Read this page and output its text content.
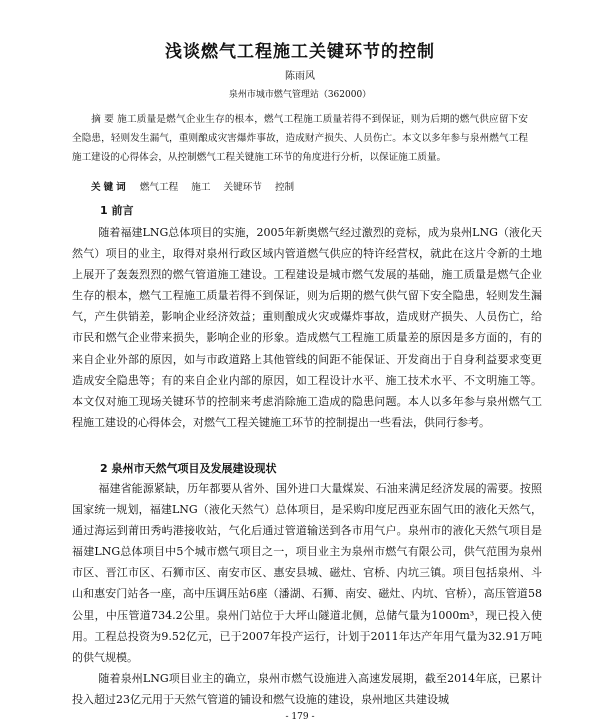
浅谈燃气工程施工关键环节的控制
陈雨风
泉州市城市燃气管理站（362000）

摘 要 施工质量是燃气企业生存的根本，燃气工程施工质量若得不到保证，则为后期的燃气供应留下安全隐患，轻则发生漏气，重则酿成灾害爆炸事故，造成财产损失、人员伤亡。本文以多年参与泉州燃气工程施工建设的心得体会，从控制燃气工程关键施工环节的角度进行分析，以保证施工质量。

关键词 燃气工程 施工 关键环节 控制
1 前言

随着福建LNG总体项目的实施，2005年新奥燃气经过激烈的竞标，成为泉州LNG（液化天然气）项目的业主，取得对泉州行政区域内管道燃气供应的特许经营权，就此在这片令新的土地上展开了轰轰烈烈的燃气管道施工建设。工程建设是城市燃气发展的基础，施工质量是燃气企业生存的根本，燃气工程施工质量若得不到保证，则为后期的燃气供气留下安全隐患，轻则发生漏气，产生供销差，影响企业经济效益；重则酿成火灾或爆炸事故，造成财产损失、人员伤亡，给市民和燃气企业带来损失，影响企业的形象。造成燃气工程施工质量差的原因是多方面的，有的来自企业外部的原因，如与市政道路上其他管线的间距不能保证、开发商出于自身利益要求变更造成安全隐患等；有的来自企业内部的原因，如工程设计水平、施工技术水平、不文明施工等。本文仅对施工现场关键环节的控制来考虑消除施工造成的隐患问题。本人以多年参与泉州燃气工程施工建设的心得体会，对燃气工程关键施工环节的控制提出一些看法，供同行参考。

2 泉州市天然气项目及发展建设现状

福建省能源紧缺，历年都要从省外、国外进口大量煤炭、石油来满足经济发展的需要。按照国家统一规划，福建LNG（液化天然气）总体项目，是采购印度尼西亚东固气田的液化天然气，通过海运到莆田秀屿港接收站，气化后通过管道输送到各市用气户。泉州市的液化天然气项目是福建LNG总体项目中5个城市燃气项目之一，项目业主为泉州市燃气有限公司，供气范围为泉州市区、晋江市区、石狮市区、南安市区、惠安县城、磁灶、官桥、内坑三镇。项目包括泉州、斗山和惠安门站各一座，高中压调压站6座（潘湖、石狮、南安、磁灶、内坑、官桥），高压管道58公里，中压管道734.2公里。泉州门站位于大坪山隧道北侧，总储气量为1000m³，现已投入使用。工程总投资为9.52亿元，已于2007年投产运行，计划于2011年达产年用气量为32.91万吨的供气规模。

随着泉州LNG项目业主的确立，泉州市燃气设施进入高速发展期，截至2014年底，已累计投入超过23亿元用于天然气管道的铺设和燃气设施的建设，泉州地区共建设城

- 179 -
